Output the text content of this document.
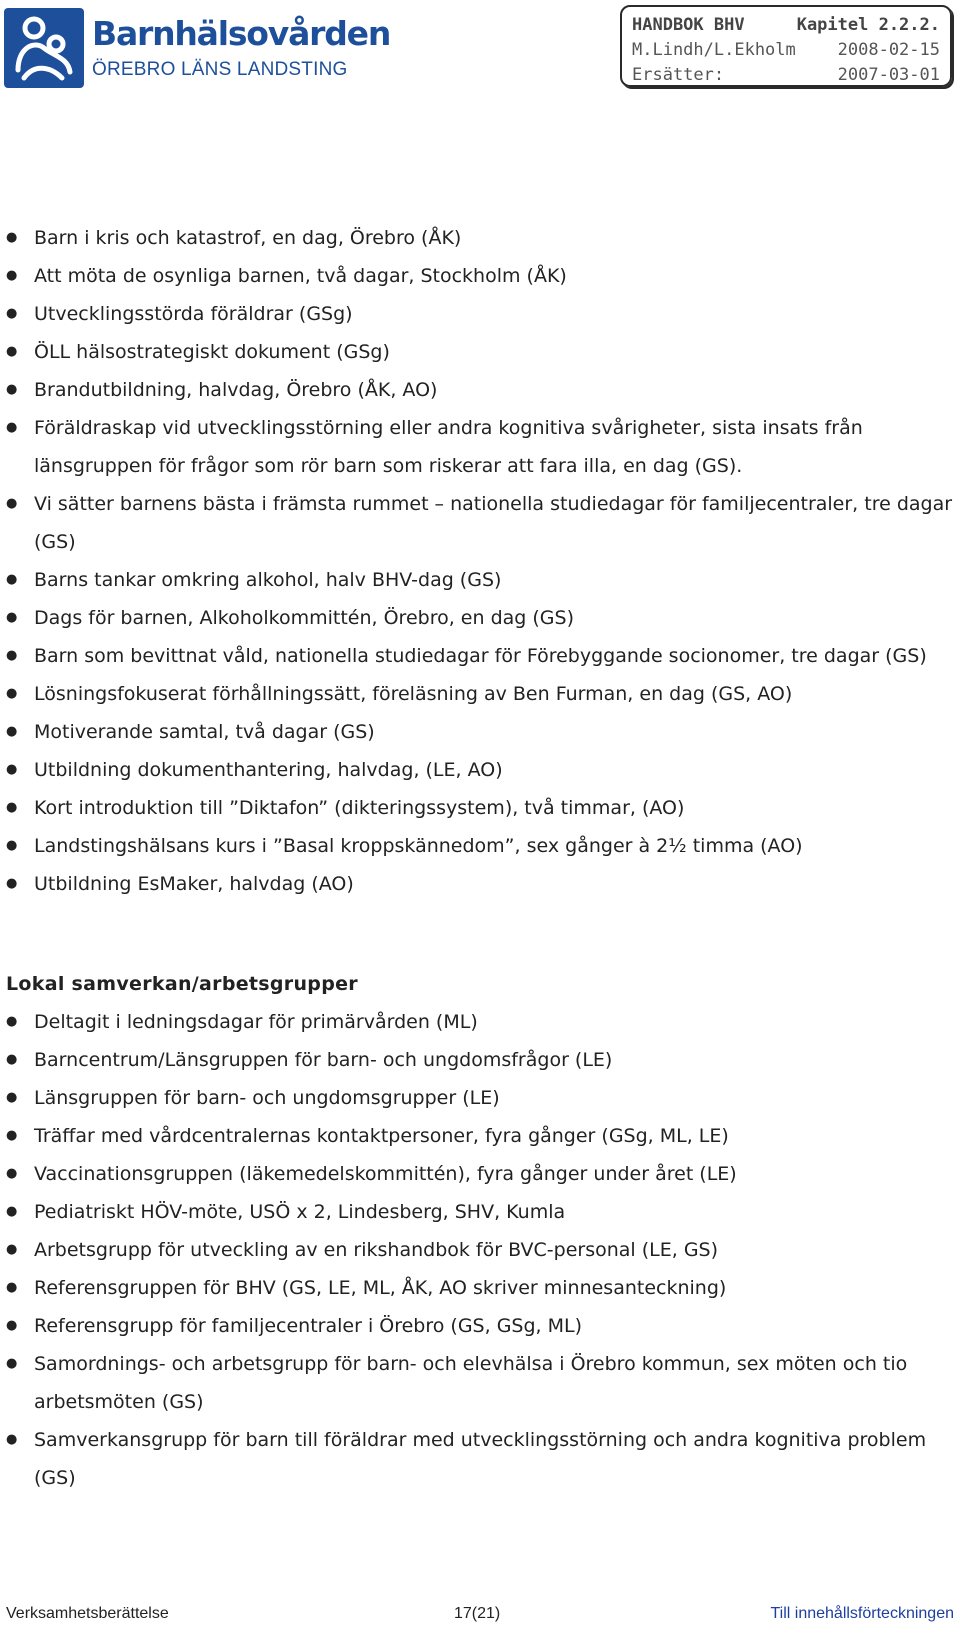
Barnhälsovården
ÖREBRO LÄNS LANDSTING
HANDBOK BHV	Kapitel 2.2.2.
M.Lindh/L.Ekholm 2008-02-15
Ersätter:	2007-03-01
● Barn i kris och katastrof, en dag, Örebro (ÅK)
● Att möta de osynliga barnen, två dagar, Stockholm (ÅK)
● Utvecklingsstörda föräldrar (GSg)
● ÖLL hälsostrategiskt dokument (GSg)
● Brandutbildning, halvdag, Örebro (ÅK, AO)
● Föräldraskap vid utvecklingsstörning eller andra kognitiva svårigheter, sista insats från länsgruppen för frågor som rör barn som riskerar att fara illa, en dag (GS).
● Vi sätter barnens bästa i främsta rummet – nationella studiedagar för familjecentraler, tre dagar (GS)
● Barns tankar omkring alkohol, halv BHV-dag (GS)
● Dags för barnen, Alkoholkommittén, Örebro, en dag (GS)
● Barn som bevittnat våld, nationella studiedagar för Förebyggande socionomer, tre dagar (GS)
● Lösningsfokuserat förhållningssätt, föreläsning av Ben Furman, en dag (GS, AO)
● Motiverande samtal, två dagar (GS)
● Utbildning dokumenthantering, halvdag, (LE, AO)
● Kort introduktion till ”Diktafon” (dikteringssystem), två timmar, (AO)
● Landstingshälsans kurs i ”Basal kroppskännedom”, sex gånger à 2½ timma (AO)
● Utbildning EsMaker, halvdag (AO)
Lokal samverkan/arbetsgrupper
● Deltagit i ledningsdagar för primärvården (ML)
● Barncentrum/Länsgruppen för barn- och ungdomsfrågor (LE)
● Länsgruppen för barn- och ungdomsgrupper (LE)
● Träffar med vårdcentralernas kontaktpersoner, fyra gånger (GSg, ML, LE)
● Vaccinationsgruppen (läkemedelskommittén), fyra gånger under året (LE)
● Pediatriskt HÖV-möte, USÖ x 2, Lindesberg, SHV, Kumla
● Arbetsgrupp för utveckling av en rikshandbok för BVC-personal (LE, GS)
● Referensgruppen för BHV (GS, LE, ML, ÅK, AO skriver minnesanteckning)
● Referensgrupp för familjecentraler i Örebro (GS, GSg, ML)
● Samordnings- och arbetsgrupp för barn- och elevhälsa i Örebro kommun, sex möten och tio arbetsmöten (GS)
● Samverkansgrupp för barn till föräldrar med utvecklingsstörning och andra kognitiva problem (GS)
Verksamhetsberättelse	17(21)	Till innehållsförteckningen
